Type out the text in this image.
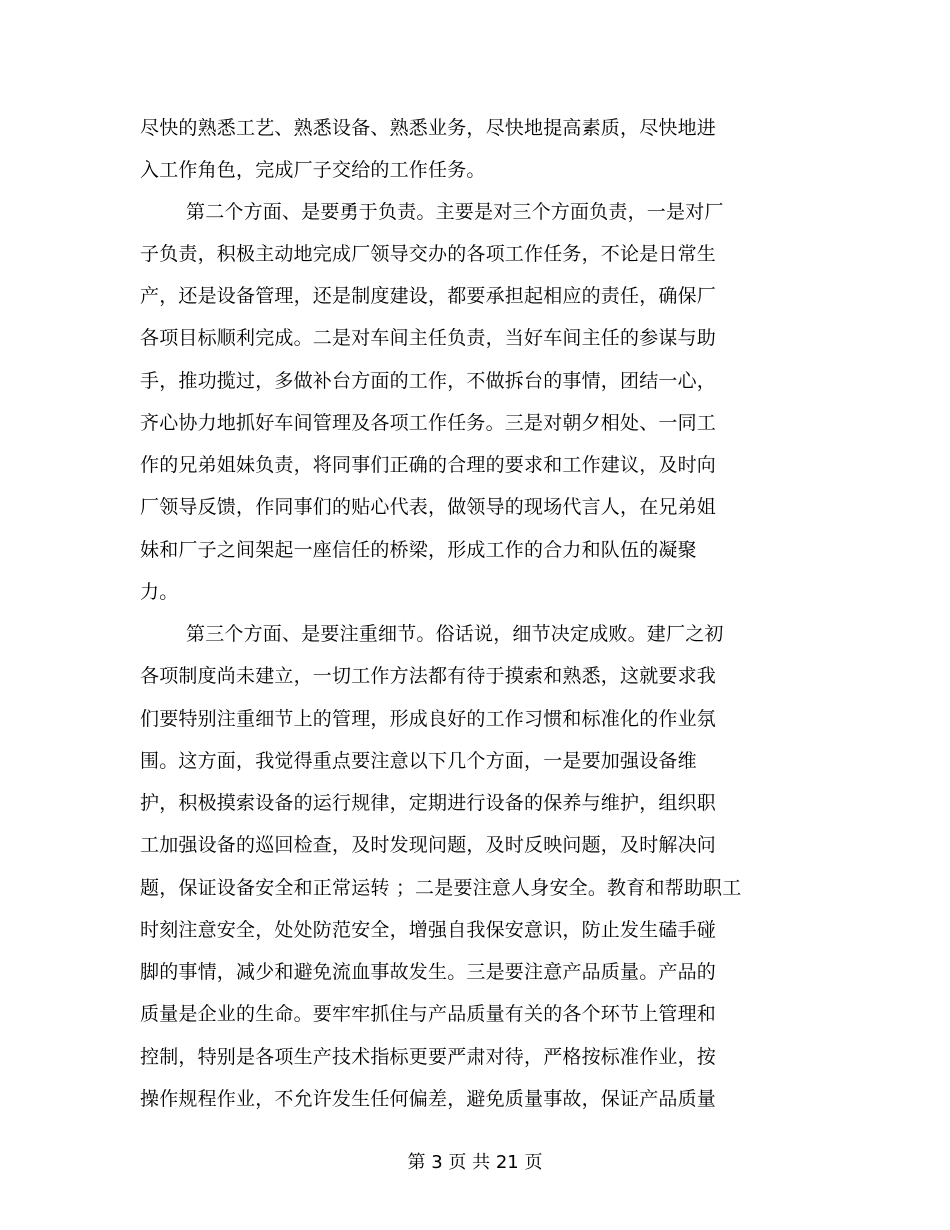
尽快的熟悉工艺、熟悉设备、熟悉业务，尽快地提高素质，尽快地进
入工作角色，完成厂子交给的工作任务。
第二个方面、是要勇于负责。主要是对三个方面负责，一是对厂
子负责，积极主动地完成厂领导交办的各项工作任务，不论是日常生
产，还是设备管理，还是制度建设，都要承担起相应的责任，确保厂
各项目标顺利完成。二是对车间主任负责，当好车间主任的参谋与助
手，推功揽过，多做补台方面的工作，不做拆台的事情，团结一心，
齐心协力地抓好车间管理及各项工作任务。三是对朝夕相处、一同工
作的兄弟姐妹负责，将同事们正确的合理的要求和工作建议，及时向
厂领导反馈，作同事们的贴心代表，做领导的现场代言人，在兄弟姐
妹和厂子之间架起一座信任的桥梁，形成工作的合力和队伍的凝聚
力。
第三个方面、是要注重细节。俗话说，细节决定成败。建厂之初
各项制度尚未建立，一切工作方法都有待于摸索和熟悉，这就要求我
们要特别注重细节上的管理，形成良好的工作习惯和标准化的作业氛
围。这方面，我觉得重点要注意以下几个方面，一是要加强设备维
护，积极摸索设备的运行规律，定期进行设备的保养与维护，组织职
工加强设备的巡回检查，及时发现问题，及时反映问题，及时解决问
题，保证设备安全和正常运转 ；二是要注意人身安全。教育和帮助职工
时刻注意安全，处处防范安全，增强自我保安意识，防止发生磕手碰
脚的事情，减少和避免流血事故发生。三是要注意产品质量。产品的
质量是企业的生命。要牢牢抓住与产品质量有关的各个环节上管理和
控制，特别是各项生产技术指标更要严肃对待，严格按标准作业，按
操作规程作业，不允许发生任何偏差，避免质量事故，保证产品质量
第 3 页 共 21 页
